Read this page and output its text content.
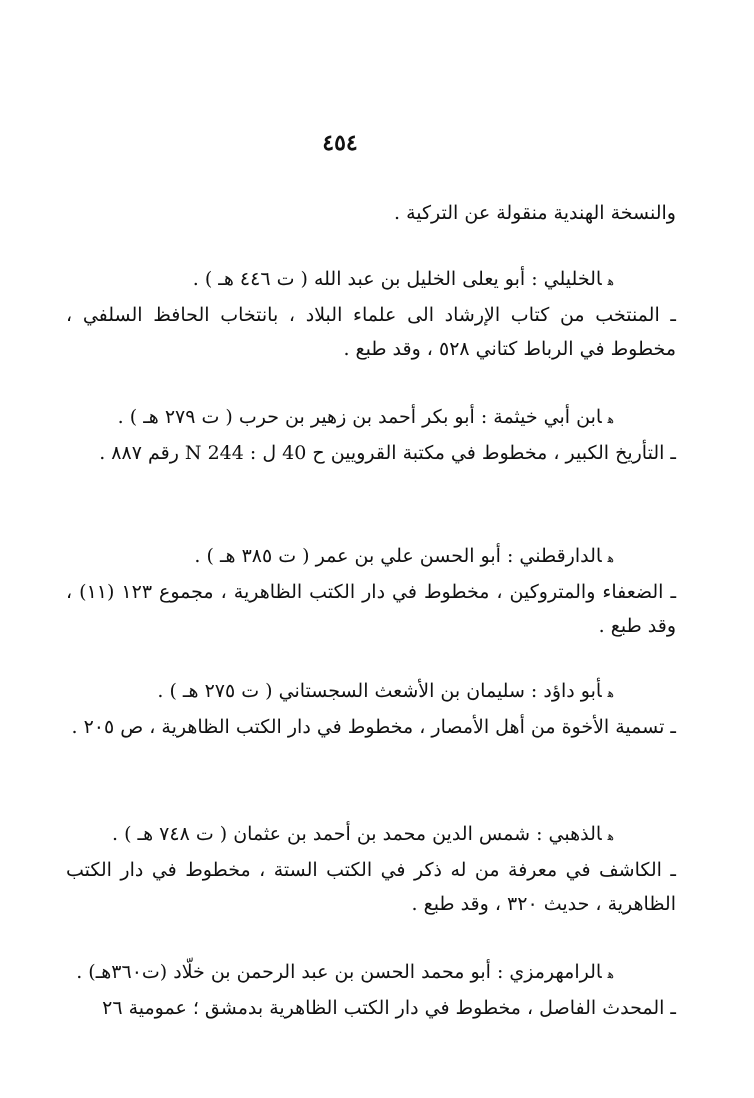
٤٥٤
والنسخة الهندية منقولة عن التركية .
هالخليلي : أبو يعلى الخليل بن عبد الله ( ت ٤٤٦ هـ ) .
ـ المنتخب من كتاب الإرشاد الى علماء البلاد ، بانتخاب الحافظ السلفي ، مخطوط في الرباط كتاني ٥٢٨ ، وقد طبع .
هابن أبي خيثمة : أبو بكر أحمد بن زهير بن حرب ( ت ٢٧٩ هـ ) .
ـ التأريخ الكبير ، مخطوط في مكتبة القرويين ح 40 ل : N 244 رقم ٨٨٧ .
هالدارقطني : أبو الحسن علي بن عمر ( ت ٣٨٥ هـ ) .
ـ الضعفاء والمتروكين ، مخطوط في دار الكتب الظاهرية ، مجموع ١٢٣ (١١) ، وقد طبع .
هأبو داؤد : سليمان بن الأشعث السجستاني ( ت ٢٧٥ هـ ) .
ـ تسمية الأخوة من أهل الأمصار ، مخطوط في دار الكتب الظاهرية ، ص ٢٠٥ .
هالذهبي : شمس الدين محمد بن أحمد بن عثمان ( ت ٧٤٨ هـ ) .
ـ الكاشف في معرفة من له ذكر في الكتب الستة ، مخطوط في دار الكتب الظاهرية ، حديث ٣٢٠ ، وقد طبع .
هالرامهرمزي : أبو محمد الحسن بن عبد الرحمن بن خلّاد (ت٣٦٠هـ) .
ـ المحدث الفاصل ، مخطوط في دار الكتب الظاهرية بدمشق ؛ عمومية ٢٦
